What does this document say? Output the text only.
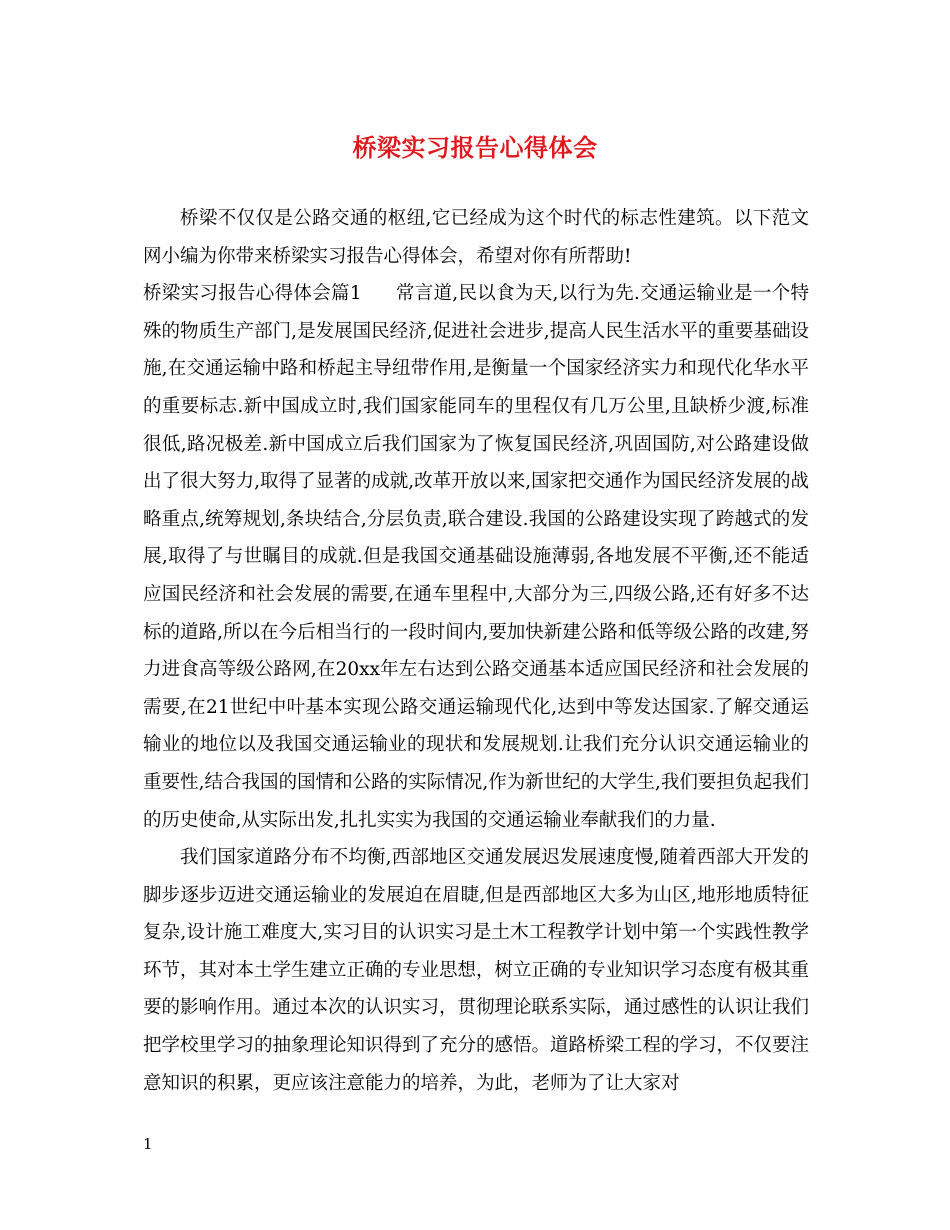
桥梁实习报告心得体会

桥梁不仅仅是公路交通的枢纽,它已经成为这个时代的标志性建筑。以下范文网小编为你带来桥梁实习报告心得体会，希望对你有所帮助!

桥梁实习报告心得体会篇1 常言道,民以食为天,以行为先.交通运输业是一个特殊的物质生产部门,是发展国民经济,促进社会进步,提高人民生活水平的重要基础设施,在交通运输中路和桥起主导纽带作用,是衡量一个国家经济实力和现代化华水平的重要标志.新中国成立时,我们国家能同车的里程仅有几万公里,且缺桥少渡,标准很低,路况极差.新中国成立后我们国家为了恢复国民经济,巩固国防,对公路建设做出了很大努力,取得了显著的成就,改革开放以来,国家把交通作为国民经济发展的战略重点,统筹规划,条块结合,分层负责,联合建设.我国的公路建设实现了跨越式的发展,取得了与世瞩目的成就.但是我国交通基础设施薄弱,各地发展不平衡,还不能适应国民经济和社会发展的需要,在通车里程中,大部分为三,四级公路,还有好多不达标的道路,所以在今后相当行的一段时间内,要加快新建公路和低等级公路的改建,努力进食高等级公路网,在20xx年左右达到公路交通基本适应国民经济和社会发展的需要,在21世纪中叶基本实现公路交通运输现代化,达到中等发达国家.了解交通运输业的地位以及我国交通运输业的现状和发展规划.让我们充分认识交通运输业的重要性,结合我国的国情和公路的实际情况,作为新世纪的大学生,我们要担负起我们的历史使命,从实际出发,扎扎实实为我国的交通运输业奉献我们的力量.

我们国家道路分布不均衡,西部地区交通发展迟发展速度慢,随着西部大开发的脚步逐步迈进交通运输业的发展迫在眉睫,但是西部地区大多为山区,地形地质特征复杂,设计施工难度大,实习目的认识实习是土木工程教学计划中第一个实践性教学环节，其对本土学生建立正确的专业思想，树立正确的专业知识学习态度有极其重要的影响作用。通过本次的认识实习，贯彻理论联系实际，通过感性的认识让我们把学校里学习的抽象理论知识得到了充分的感悟。道路桥梁工程的学习，不仅要注意知识的积累，更应该注意能力的培养，为此，老师为了让大家对

1
